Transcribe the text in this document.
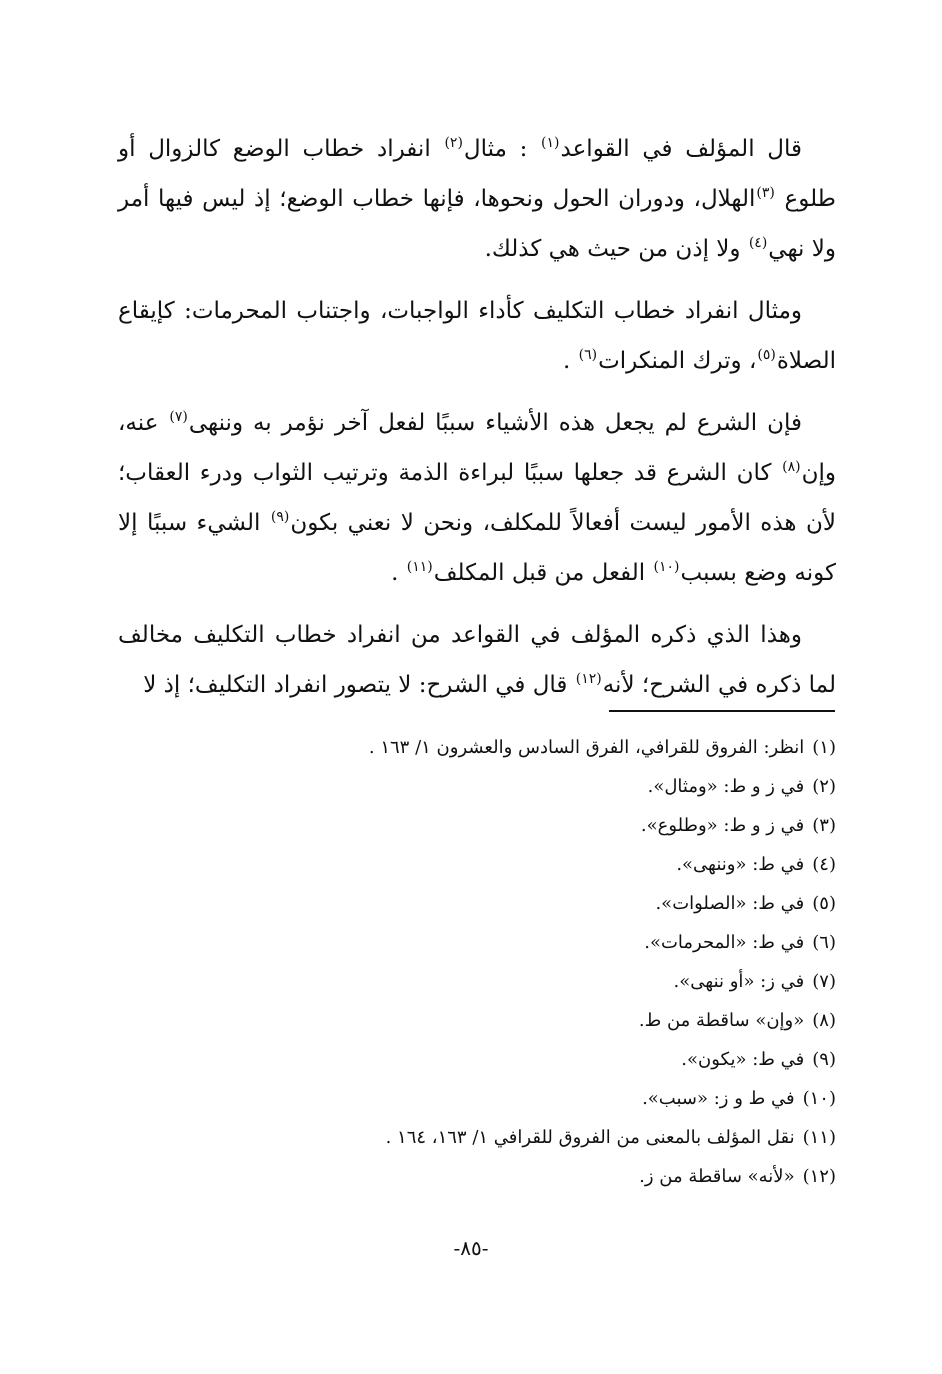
قال المؤلف في القواعد$^{(١)}$ : مثال$^{(٢)}$ انفراد خطاب الوضع كالزوال أو طلوع $^{(٣)}$الهلال، ودوران الحول ونحوها، فإنها خطاب الوضع؛ إذ ليس فيها أمر ولا نهي$^{(٤)}$ ولا إذن من حيث هي كذلك.

ومثال انفراد خطاب التكليف كأداء الواجبات، واجتناب المحرمات: كإيقاع الصلاة$^{(٥)}$، وترك المنكرات$^{(٦)}$ .

فإن الشرع لم يجعل هذه الأشياء سببًا لفعل آخر نؤمر به وننهى$^{(٧)}$ عنه، وإن$^{(٨)}$ كان الشرع قد جعلها سببًا لبراءة الذمة وترتيب الثواب ودرء العقاب؛ لأن هذه الأمور ليست أفعالاً للمكلف، ونحن لا نعني بكون$^{(٩)}$ الشيء سببًا إلا كونه وضع بسبب$^{(١٠)}$ الفعل من قبل المكلف$^{(١١)}$ .

وهذا الذي ذكره المؤلف في القواعد من انفراد خطاب التكليف مخالف لما ذكره في الشرح؛ لأنه$^{(١٢)}$ قال في الشرح: لا يتصور انفراد التكليف؛ إذ لا

(١)انظر: الفروق للقرافي، الفرق السادس والعشرون ١/ ١٦٣ .
(٢)في ز و ط: «ومثال».
(٣)في ز و ط: «وطلوع».
(٤)في ط: «وننهى».
(٥)في ط: «الصلوات».
(٦)في ط: «المحرمات».
(٧)في ز: «أو ننهى».
(٨)«وإن» ساقطة من ط.
(٩)في ط: «يكون».
(١٠)في ط و ز: «سبب».
(١١)نقل المؤلف بالمعنى من الفروق للقرافي ١/ ١٦٣، ١٦٤ .
(١٢)«لأنه» ساقطة من ز.
-٨٥-
